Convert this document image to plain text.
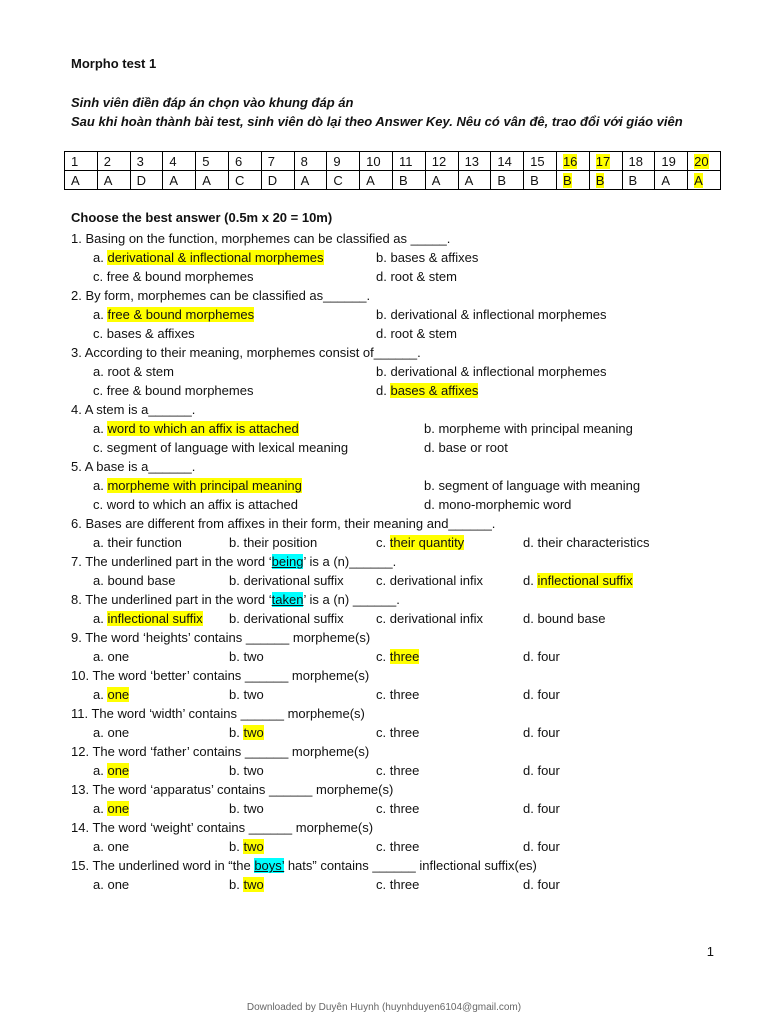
Morpho test 1
Sinh viên điền đáp án chọn vào khung đáp án
Sau khi hoàn thành bài test, sinh viên dò lại theo Answer Key. Nêu có vân đê, trao đổi với giáo viên
1	2	3	4	5	6	7	8	9	10	11	12	13	14	15	16	17	18	19	20
A	A	D	A	A	C	D	A	C	A	B	A	A	B	B	B	B	B	A	A
Choose the best answer (0.5m x 20 = 10m)
1. Basing on the function, morphemes can be classified as _____.
a. derivational & inflectional morphemes	b. bases & affixes
c. free & bound morphemes	d. root & stem
2. By form, morphemes can be classified as______.
a. free & bound morphemes	b. derivational & inflectional morphemes
c. bases & affixes	d. root & stem
3. According to their meaning, morphemes consist of______.
a. root & stem	b. derivational & inflectional morphemes
c. free & bound morphemes	d. bases & affixes
4. A stem is a______.
a. word to which an affix is attached	b. morpheme with principal meaning
c. segment of language with lexical meaning	d. base or root
5. A base is a______.
a. morpheme with principal meaning	b. segment of language with meaning
c. word to which an affix is attached	d. mono-morphemic word
6. Bases are different from affixes in their form, their meaning and______.
a. their function	b. their position	c. their quantity	d. their characteristics
7. The underlined part in the word ‘being’ is a (n)______.
a. bound base	b. derivational suffix c. derivational infix	d. inflectional suffix
8. The underlined part in the word ‘taken’ is a (n) ______.
a. inflectional suffix b. derivational suffix c. derivational infix	d. bound base
9. The word ‘heights’ contains ______ morpheme(s)
a. one	b. two	c. three	d. four
10. The word ‘better’ contains ______ morpheme(s)
a. one	b. two	c. three	d. four
11. The word ‘width’ contains ______ morpheme(s)
a. one	b. two	c. three	d. four
12. The word ‘father’ contains ______ morpheme(s)
a. one	b. two	c. three	d. four
13. The word ‘apparatus’ contains ______ morpheme(s)
a. one	b. two	c. three	d. four
14. The word ‘weight’ contains ______ morpheme(s)
a. one	b. two	c. three	d. four
15. The underlined word in “the boys’ hats” contains ______ inflectional suffix(es)
a. one	b. two	c. three	d. four
1
Downloaded by Duyên Huynh (huynhduyen6104@gmail.com)
